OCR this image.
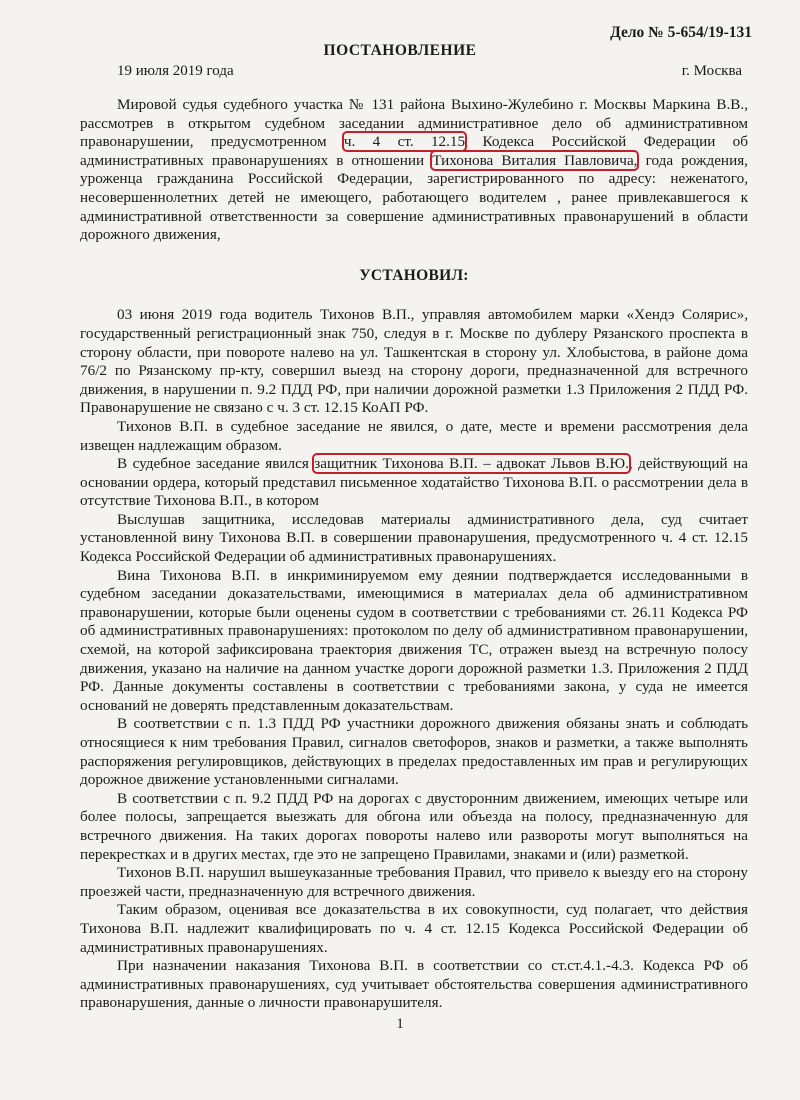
Дело № 5-654/19-131
ПОСТАНОВЛЕНИЕ
19 июля 2019 года	г. Москва

Мировой судья судебного участка № 131 района Выхино-Жулебино г. Москвы Маркина В.В., рассмотрев в открытом судебном заседании административное дело об административном правонарушении, предусмотренном ч. 4 ст. 12.15 Кодекса Российской Федерации об административных правонарушениях в отношении Тихонова Виталия Павловича, года рождения, уроженца гражданина Российской Федерации, зарегистрированного по адресу: неженатого, несовершеннолетних детей не имеющего, работающего водителем , ранее привлекавшегося к административной ответственности за совершение административных правонарушений в области дорожного движения,

УСТАНОВИЛ:

03 июня 2019 года водитель Тихонов В.П., управляя автомобилем марки «Хендэ Солярис», государственный регистрационный знак 750, следуя в г. Москве по дублеру Рязанского проспекта в сторону области, при повороте налево на ул. Ташкентская в сторону ул. Хлобыстова, в районе дома 76/2 по Рязанскому пр-кту, совершил выезд на сторону дороги, предназначенной для встречного движения, в нарушении п. 9.2 ПДД РФ, при наличии дорожной разметки 1.3 Приложения 2 ПДД РФ. Правонарушение не связано с ч. 3 ст. 12.15 КоАП РФ.

Тихонов В.П. в судебное заседание не явился, о дате, месте и времени рассмотрения дела извещен надлежащим образом.

В судебное заседание явился защитник Тихонова В.П. – адвокат Львов В.Ю., действующий на основании ордера, который представил письменное ходатайство Тихонова В.П. о рассмотрении дела в отсутствие Тихонова В.П., в котором

Выслушав защитника, исследовав материалы административного дела, суд считает установленной вину Тихонова В.П. в совершении правонарушения, предусмотренного ч. 4 ст. 12.15 Кодекса Российской Федерации об административных правонарушениях.

Вина Тихонова В.П. в инкриминируемом ему деянии подтверждается исследованными в судебном заседании доказательствами, имеющимися в материалах дела об административном правонарушении, которые были оценены судом в соответствии с требованиями ст. 26.11 Кодекса РФ об административных правонарушениях: протоколом по делу об административном правонарушении, схемой, на которой зафиксирована траектория движения ТС, отражен выезд на встречную полосу движения, указано на наличие на данном участке дороги дорожной разметки 1.3. Приложения 2 ПДД РФ. Данные документы составлены в соответствии с требованиями закона, у суда не имеется оснований не доверять представленным доказательствам.

В соответствии с п. 1.3 ПДД РФ участники дорожного движения обязаны знать и соблюдать относящиеся к ним требования Правил, сигналов светофоров, знаков и разметки, а также выполнять распоряжения регулировщиков, действующих в пределах предоставленных им прав и регулирующих дорожное движение установленными сигналами.

В соответствии с п. 9.2 ПДД РФ на дорогах с двусторонним движением, имеющих четыре или более полосы, запрещается выезжать для обгона или объезда на полосу, предназначенную для встречного движения. На таких дорогах повороты налево или развороты могут выполняться на перекрестках и в других местах, где это не запрещено Правилами, знаками и (или) разметкой.

Тихонов В.П. нарушил вышеуказанные требования Правил, что привело к выезду его на сторону проезжей части, предназначенную для встречного движения.

Таким образом, оценивая все доказательства в их совокупности, суд полагает, что действия Тихонова В.П. надлежит квалифицировать по ч. 4 ст. 12.15 Кодекса Российской Федерации об административных правонарушениях.

При назначении наказания Тихонова В.П. в соответствии со ст.ст.4.1.-4.3. Кодекса РФ об административных правонарушениях, суд учитывает обстоятельства совершения административного правонарушения, данные о личности правонарушителя.

1
